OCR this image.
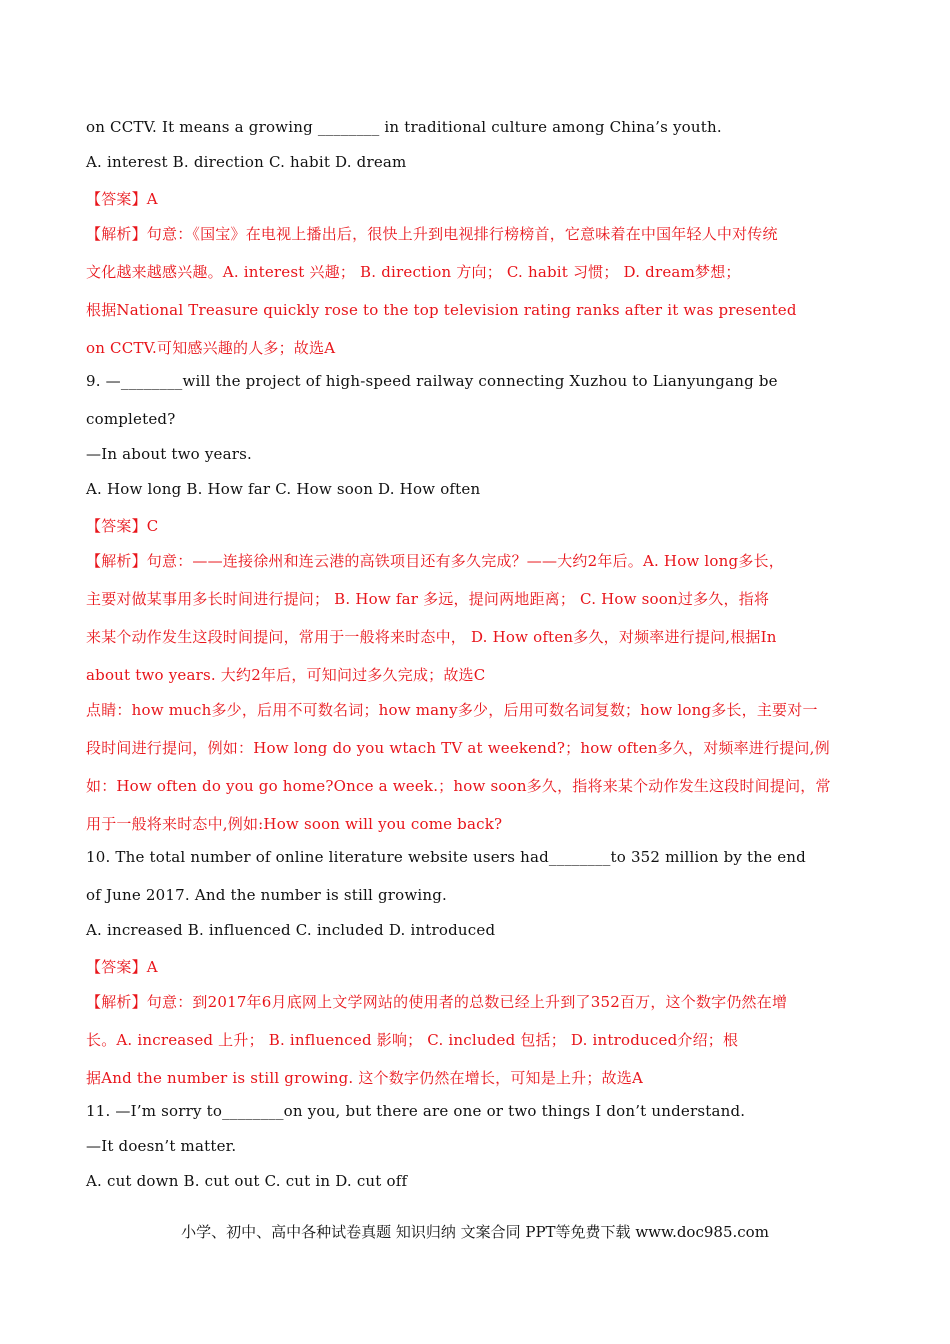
on CCTV. It means a growing ________ in traditional culture among China’s youth.
A. interest B. direction C. habit D. dream
【答案】A
【解析】句意：《国宝》在电视上播出后，很快上升到电视排行榜榜首，它意味着在中国年轻人中对传统
文化越来越感兴趣。A. interest 兴趣； B. direction 方向； C. habit 习惯； D. dream梦想；
根据National Treasure quickly rose to the top television rating ranks after it was presented
on CCTV.可知感兴趣的人多；故选A
9. —________will the project of high-speed railway connecting Xuzhou to Lianyungang be
completed?
—In about two years.
A. How long B. How far C. How soon D. How often
【答案】C
【解析】句意：——连接徐州和连云港的高铁项目还有多久完成？——大约2年后。A. How long多长，
主要对做某事用多长时间进行提问； B. How far 多远，提问两地距离； C. How soon过多久，指将
来某个动作发生这段时间提问，常用于一般将来时态中， D. How often多久，对频率进行提问,根据In
about two years. 大约2年后，可知问过多久完成；故选C
点睛：how much多少，后用不可数名词；how many多少，后用可数名词复数；how long多长，主要对一
段时间进行提问，例如：How long do you wtach TV at weekend?；how often多久，对频率进行提问,例
如：How often do you go home?Once a week.；how soon多久，指将来某个动作发生这段时间提问，常
用于一般将来时态中,例如:How soon will you come back?
10. The total number of online literature website users had________to 352 million by the end
of June 2017. And the number is still growing.
A. increased B. influenced C. included D. introduced
【答案】A
【解析】句意：到2017年6月底网上文学网站的使用者的总数已经上升到了352百万，这个数字仍然在增
长。A. increased 上升； B. influenced 影响； C. included 包括； D. introduced介绍；根
据And the number is still growing. 这个数字仍然在增长，可知是上升；故选A
11. —I’m sorry to________on you, but there are one or two things I don’t understand.
—It doesn’t matter.
A. cut down B. cut out C. cut in D. cut off
小学、初中、高中各种试卷真题 知识归纳 文案合同 PPT等免费下载 www.doc985.com
